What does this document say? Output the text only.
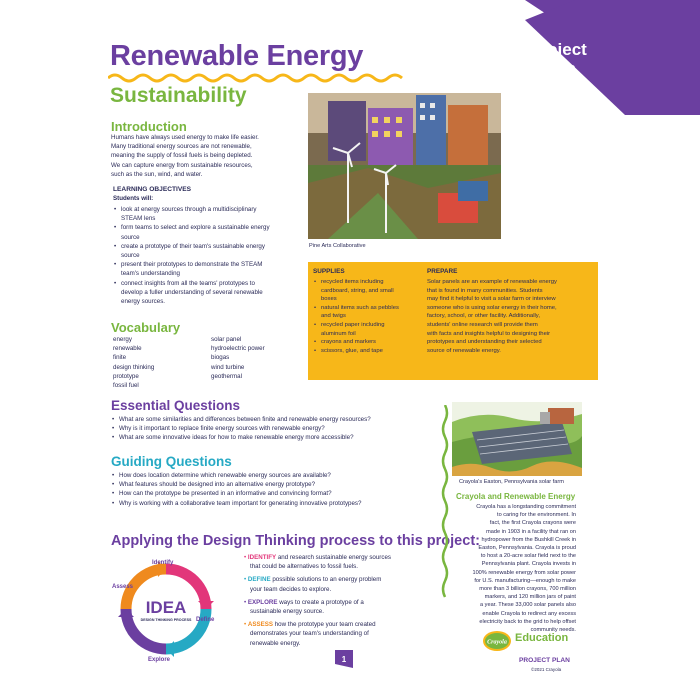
Project
Plan
Renewable Energy
Sustainability
Introduction
Humans have always used energy to make life easier.
Many traditional energy sources are not renewable,
meaning the supply of fossil fuels is being depleted.
We can capture energy from sustainable resources,
such as the sun, wind, and water.
LEARNING OBJECTIVES
Students will:
• look at energy sources through a multidisciplinary
STEAM lens
• form teams to select and explore a sustainable energy
source
• create a prototype of their team's sustainable energy
source
• present their prototypes to demonstrate the STEAM
team's understanding
• connect insights from all the teams' prototypes to
develop a fuller understanding of several renewable
energy sources.
Vocabulary
energy
renewable
finite
design thinking
prototype
fossil fuel
solar panel
hydroelectric power
biogas
wind turbine
geothermal
Pine Arts Collaborative
SUPPLIES
• recycled items including
cardboard, string, and small
boxes
• natural items such as pebbles
and twigs
• recycled paper including
aluminum foil
• crayons and markers
• scissors, glue, and tape
PREPARE
Solar panels are an example of renewable energy
that is found in many communities. Students
may find it helpful to visit a solar farm or interview
someone who is using solar energy in their home,
factory, school, or other facility. Additionally,
students' online research will provide them
with facts and insights helpful to designing their
prototypes and understanding their selected
source of renewable energy.
Essential Questions
• What are some similarities and differences between finite and renewable energy resources?
• Why is it important to replace finite energy sources with renewable energy?
• What are some innovative ideas for how to make renewable energy more accessible?
Guiding Questions
• How does location determine which renewable energy sources are available?
• What features should be designed into an alternative energy prototype?
• How can the prototype be presented in an informative and convincing format?
• Why is working with a collaborative team important for generating innovative prototypes?
Applying the Design Thinking process to this project:
IDEA
DESIGN THINKING PROCESS
Identify
Define
Explore
Assess

• IDENTIFY and research sustainable energy sources
that could be alternatives to fossil fuels.

• DEFINE possible solutions to an energy problem
your team decides to explore.

• EXPLORE ways to create a prototype of a
sustainable energy source.

• ASSESS how the prototype your team created
demonstrates your team's understanding of
renewable energy.

1
Crayola's Easton, Pennsylvania solar farm
Crayola and Renewable Energy
Crayola has a longstanding commitment
to caring for the environment. In
fact, the first Crayola crayons were
made in 1903 in a facility that ran on
hydropower from the Bushkill Creek in
Easton, Pennsylvania. Crayola is proud
to host a 20-acre solar field next to the
Pennsylvania plant. Crayola invests in
100% renewable energy from solar power
for U.S. manufacturing—enough to make
more than 3 billion crayons, 700 million
markers, and 120 million jars of paint
a year. These 33,000 solar panels also
enable Crayola to redirect any excess
electricity back to the grid to help offset
community needs.
Crayola Education
PROJECT PLAN
©2021 Crayola
